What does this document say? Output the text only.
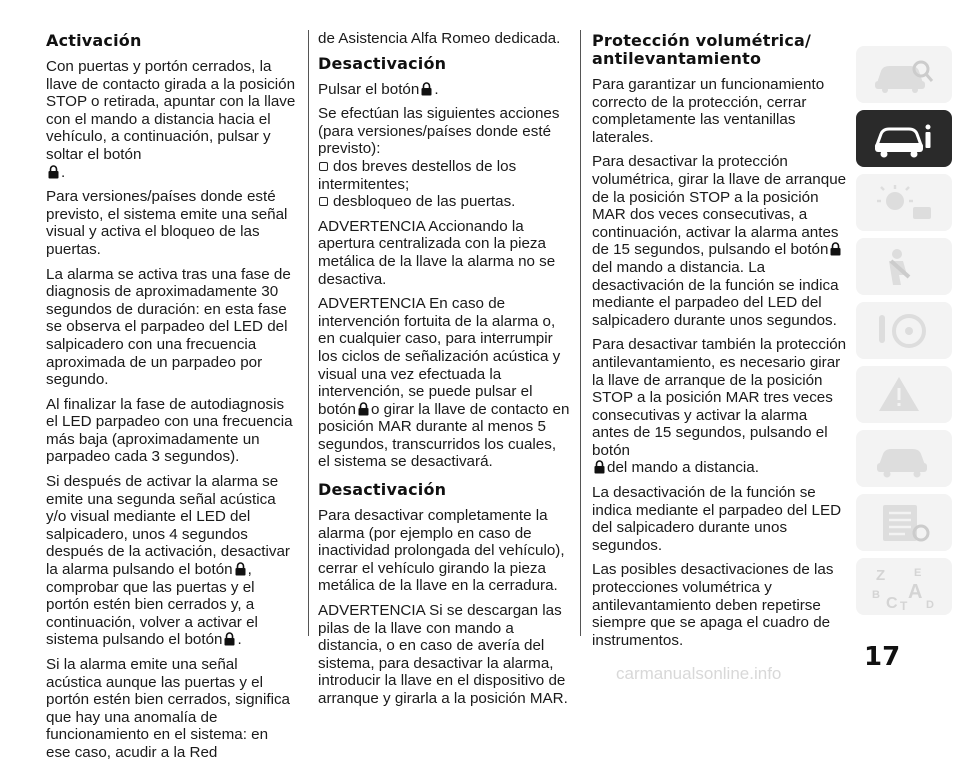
Activación

Con puertas y portón cerrados, la llave de contacto girada a la posición STOP o retirada, apuntar con la llave con el mando a distancia hacia el vehículo, a continuación, pulsar y soltar el botón

.

Para versiones/países donde esté previsto, el sistema emite una señal visual y activa el bloqueo de las puertas.

La alarma se activa tras una fase de diagnosis de aproximadamente 30 segundos de duración: en esta fase se observa el parpadeo del LED del salpicadero con una frecuencia aproximada de un parpadeo por segundo.

Al finalizar la fase de autodiagnosis el LED parpadeo con una frecuencia más baja (aproximadamente un parpadeo cada 3 segundos).

Si después de activar la alarma se emite una segunda señal acústica y/o visual mediante el LED del salpicadero, unos 4 segundos después de la activación, desactivar la alarma pulsando el botón , comprobar que las puertas y el portón estén bien cerrados y, a continuación, volver a activar el sistema pulsando el botón .

Si la alarma emite una señal acústica aunque las puertas y el portón estén bien cerrados, significa que hay una anomalía de funcionamiento en el sistema: en ese caso, acudir a la Red

de Asistencia Alfa Romeo dedicada.

Desactivación

Pulsar el botón .

Se efectúan las siguientes acciones (para versiones/países donde esté previsto):

dos breves destellos de los intermitentes;

desbloqueo de las puertas.

ADVERTENCIA Accionando la apertura centralizada con la pieza metálica de la llave la alarma no se desactiva.

ADVERTENCIA En caso de intervención fortuita de la alarma o, en cualquier caso, para interrumpir los ciclos de señalización acústica y visual una vez efectuada la intervención, se puede pulsar el botón o girar la llave de contacto en posición MAR durante al menos 5 segundos, transcurridos los cuales, el sistema se desactivará.

Desactivación

Para desactivar completamente la alarma (por ejemplo en caso de inactividad prolongada del vehículo), cerrar el vehículo girando la pieza metálica de la llave en la cerradura.

ADVERTENCIA Si se descargan las pilas de la llave con mando a distancia, o en caso de avería del sistema, para desactivar la alarma, introducir la llave en el dispositivo de arranque y girarla a la posición MAR.

Protección volumétrica/ antilevantamiento

Para garantizar un funcionamiento correcto de la protección, cerrar completamente las ventanillas laterales.

Para desactivar la protección volumétrica, girar la llave de arranque de la posición STOP a la posición MAR dos veces consecutivas, a continuación, activar la alarma antes de 15 segundos, pulsando el botón
del mando a distancia. La desactivación de la función se indica mediante el parpadeo del LED del salpicadero durante unos segundos.

Para desactivar también la protección antilevantamiento, es necesario girar la llave de arranque de la posición STOP a la posición MAR tres veces consecutivas y activar la alarma antes de 15 segundos, pulsando el botón

del mando a distancia.

La desactivación de la función se indica mediante el parpadeo del LED del salpicadero durante unos segundos.

Las posibles desactivaciones de las protecciones volumétrica y antilevantamiento deben repetirse siempre que se apaga el cuadro de instrumentos.

Z	E
B A
C T D
17
carmanualsonline.info
